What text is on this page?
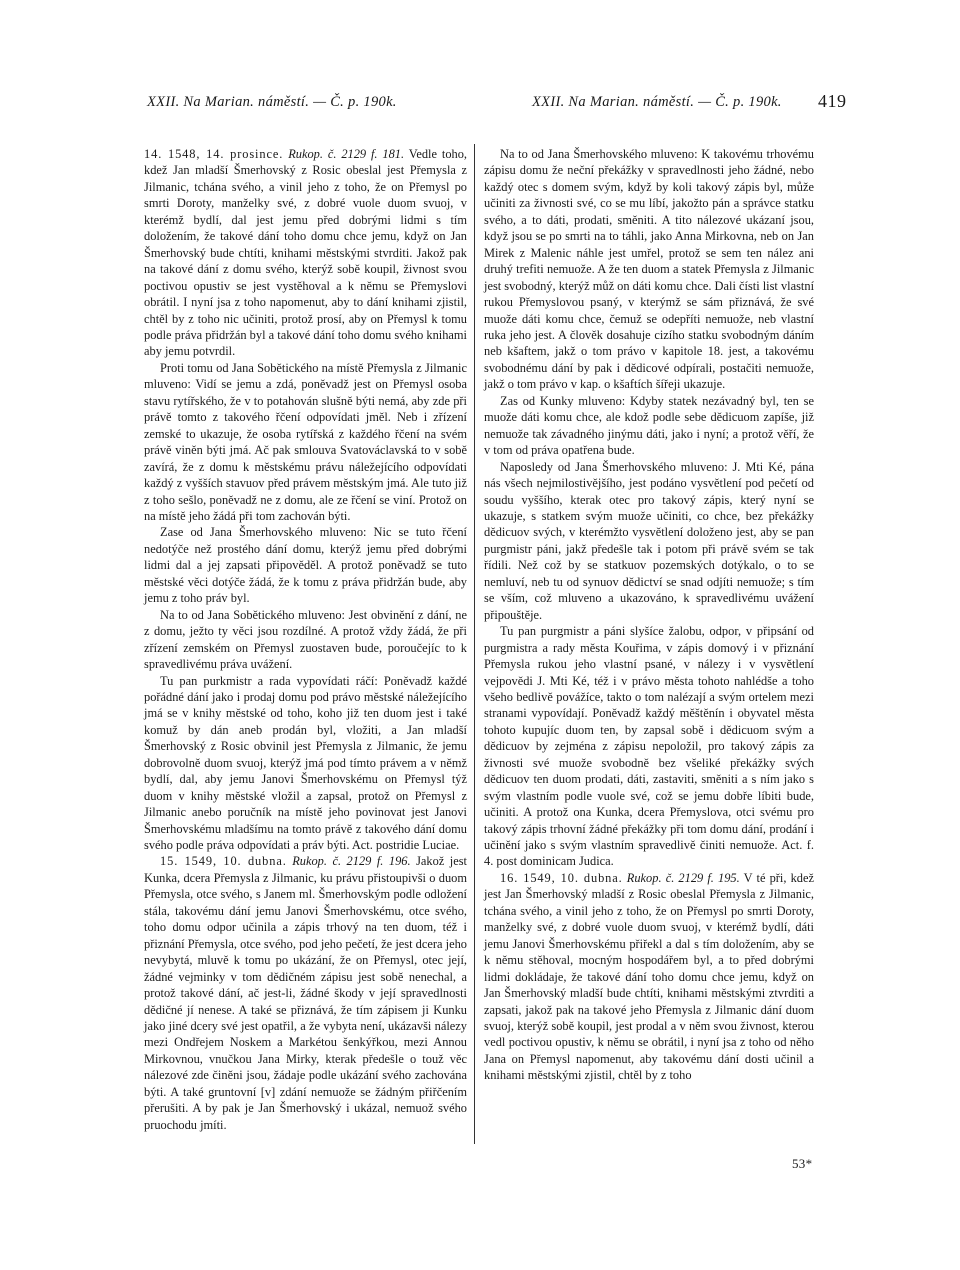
XXII. Na Marian. náměstí. — Č. p. 190k.	XXII. Na Marian. náměstí. — Č. p. 190k. 419

14. 1548, 14. prosince. Rukop. č. 2129 f. 181. Vedle toho, kdež Jan mladší Šmerhovský z Rosic obeslal jest Přemysla z Jilmanic, tchána svého, a vinil jeho z toho, že on Přemysl po smrti Doroty, manželky své, z dobré vuole duom svuoj, v kterémž bydlí, dal jest jemu před dobrými lidmi s tím doložením, že takové dání toho domu chce jemu, když on Jan Šmerhovský bude chtíti, knihami městskými stvrditi. Jakož pak na takové dání z domu svého, kterýž sobě koupil, živnost svou poctivou opustiv se jest vystěhoval a k němu se Přemyslovi obrátil. I nyní jsa z toho napomenut, aby to dání knihami zjistil, chtěl by z toho nic učiniti, protož prosí, aby on Přemysl k tomu podle práva přidržán byl a takové dání toho domu svého knihami aby jemu potvrdil.

Proti tomu od Jana Sobětického na místě Přemysla z Jilmanic mluveno: Vidí se jemu a zdá, poněvadž jest on Přemysl osoba stavu rytířského, že v to potahován slušně býti nemá, aby zde při právě tomto z takového řčení odpovídati jměl. Neb i zřízení zemské to ukazuje, že osoba rytířská z každého řčení na svém právě viněn býti jmá. Ač pak smlouva Svatováclavská to v sobě zavírá, že z domu k městskému právu náležejícího odpovídati každý z vyšších stavuov před právem městským jmá. Ale tuto již z toho sešlo, poněvadž ne z domu, ale ze řčení se viní. Protož on na místě jeho žádá při tom zachován býti.

Zase od Jana Šmerhovského mluveno: Nic se tuto řčení nedotýče než prostého dání domu, kterýž jemu před dobrými lidmi dal a jej zapsati připověděl. A protož poněvadž se tuto městské věci dotýče žádá, že k tomu z práva přidržán bude, aby jemu z toho práv byl.

Na to od Jana Sobětického mluveno: Jest obvinění z dání, ne z domu, ježto ty věci jsou rozdílné. A protož vždy žádá, že při zřízení zemském on Přemysl zuostaven bude, poroučejíc to k spravedlivému práva uvážení.

Tu pan purkmistr a rada vypovídati ráčí: Poněvadž každé pořádné dání jako i prodaj domu pod právo městské náležejícího jmá se v knihy městské od toho, koho již ten duom jest i také komuž by dán aneb prodán byl, vložiti, a Jan mladší Šmerhovský z Rosic obvinil jest Přemysla z Jilmanic, že jemu dobrovolně duom svuoj, kterýž jmá pod tímto právem a v němž bydlí, dal, aby jemu Janovi Šmerhovskému on Přemysl týž duom v knihy městské vložil a zapsal, protož on Přemysl z Jilmanic anebo poručník na místě jeho povinovat jest Janovi Šmerhovskému mladšímu na tomto právě z takového dání domu svého podle práva odpovídati a práv býti. Act. postridie Luciae.

15. 1549, 10. dubna. Rukop. č. 2129 f. 196. Jakož jest Kunka, dcera Přemysla z Jilmanic, ku právu přistoupivši o duom Přemysla, otce svého, s Janem ml. Šmerhovským podle odložení stála, takovému dání jemu Janovi Šmerhovskému, otce svého, toho domu odpor učinila a zápis trhový na ten duom, též i přiznání Přemysla, otce svého, pod jeho pečetí, že jest dcera jeho nevybytá, mluvě k tomu po ukázání, že on Přemysl, otec její, žádné vejminky v tom dědičném zápisu jest sobě nenechal, a protož takové dání, ač jest-li, žádné škody v její spravedlnosti dědičné jí nenese. A také se přiznává, že tím zápisem ji Kunku jako jiné dcery své jest opatřil, a že vybyta není, ukázavši nálezy mezi Ondřejem Noskem a Markétou šenkýřkou, mezi Annou Mirkovnou, vnučkou Jana Mirky, kterak předešle o touž věc nálezové zde činěni jsou, žádaje podle ukázání svého zachována býti. A také gruntovní [v] zdání nemuože se žádným přiřčením přerušiti. A by pak je Jan Šmerhovský i ukázal, nemuož svého pruochodu jmíti.

Na to od Jana Šmerhovského mluveno: K takovému trhovému zápisu domu že neční překážky v spravedlnosti jeho žádné, nebo každý otec s domem svým, když by koli takový zápis byl, může učiniti za živnosti své, co se mu líbí, jakožto pán a správce statku svého, a to dáti, prodati, směniti. A tito nálezové ukázaní jsou, když jsou se po smrti na to táhli, jako Anna Mirkovna, neb on Jan Mirek z Malenic náhle jest umřel, protož se sem ten nález ani druhý trefiti nemuože. A že ten duom a statek Přemysla z Jilmanic jest svobodný, kterýž můž on dáti komu chce. Dali čísti list vlastní rukou Přemyslovou psaný, v kterýmž se sám přiznává, že své muože dáti komu chce, čemuž se odepříti nemuože, neb vlastní ruka jeho jest. A člověk dosahuje cizího statku svobodným dáním neb kšaftem, jakž o tom právo v kapitole 18. jest, a takovému svobodnému dání by pak i dědicové odpírali, postačiti nemuože, jakž o tom právo v kap. o kšaftích šířeji ukazuje.

Zas od Kunky mluveno: Kdyby statek nezávadný byl, ten se muože dáti komu chce, ale kdož podle sebe dědicuom zapíše, již nemuože tak závadného jinýmu dáti, jako i nyní; a protož věří, že v tom od práva opatřena bude.

Naposledy od Jana Šmerhovského mluveno: J. Mti Ké, pána nás všech nejmilostivějšího, jest podáno vysvětlení pod pečetí od soudu vyššího, kterak otec pro takový zápis, který nyní se ukazuje, s statkem svým muože učiniti, co chce, bez překážky dědicuov svých, v kterémžto vysvětlení doloženo jest, aby se pan purgmistr páni, jakž předešle tak i potom při právě svém se tak řídili. Než což by se statkuov pozemských dotýkalo, o to se nemluví, neb tu od synuov dědictví se snad odjíti nemuože; s tím se vším, což mluveno a ukazováno, k spravedlivému uvážení připouštěje.

Tu pan purgmistr a páni slyšíce žalobu, odpor, v připsání od purgmistra a rady města Kouřima, v zápis domový i v přiznání Přemysla rukou jeho vlastní psané, v nálezy i v vysvětlení vejpovědi J. Mti Ké, též i v právo města tohoto nahlédše a toho všeho bedlivě povážíce, takto o tom nalézají a svým ortelem mezi stranami vypovídají. Poněvadž každý měštěnín i obyvatel města tohoto kupujíc duom ten, by zapsal sobě i dědicuom svým a dědicuov by zejména z zápisu nepoložil, pro takový zápis za živnosti své muože svobodně bez všeliké překážky svých dědicuov ten duom prodati, dáti, zastaviti, směniti a s ním jako s svým vlastním podle vuole své, což se jemu dobře líbiti bude, učiniti. A protož ona Kunka, dcera Přemyslova, otci svému pro takový zápis trhovní žádné překážky při tom domu dání, prodání i učinění jako s svým vlastním spravedlivě činiti nemuože. Act. f. 4. post dominicam Judica.

16. 1549, 10. dubna. Rukop. č. 2129 f. 195. V té při, kdež jest Jan Šmerhovský mladší z Rosic obeslal Přemysla z Jilmanic, tchána svého, a vinil jeho z toho, že on Přemysl po smrti Doroty, manželky své, z dobré vuole duom svuoj, v kterémž bydlí, dáti jemu Janovi Šmerhovskému přiřekl a dal s tím doložením, aby se k němu stěhoval, mocným hospodářem byl, a to před dobrými lidmi dokládaje, že takové dání toho domu chce jemu, když on Jan Šmerhovský mladší bude chtíti, knihami městskými ztvrditi a zapsati, jakož pak na takové jeho Přemysla z Jilmanic dání duom svuoj, kterýž sobě koupil, jest prodal a v něm svou živnost, kterou vedl poctivou opustiv, k němu se obrátil, i nyní jsa z toho od něho Jana on Přemysl napomenut, aby takovému dání dosti učinil a knihami městskými zjistil, chtěl by z toho

53*
